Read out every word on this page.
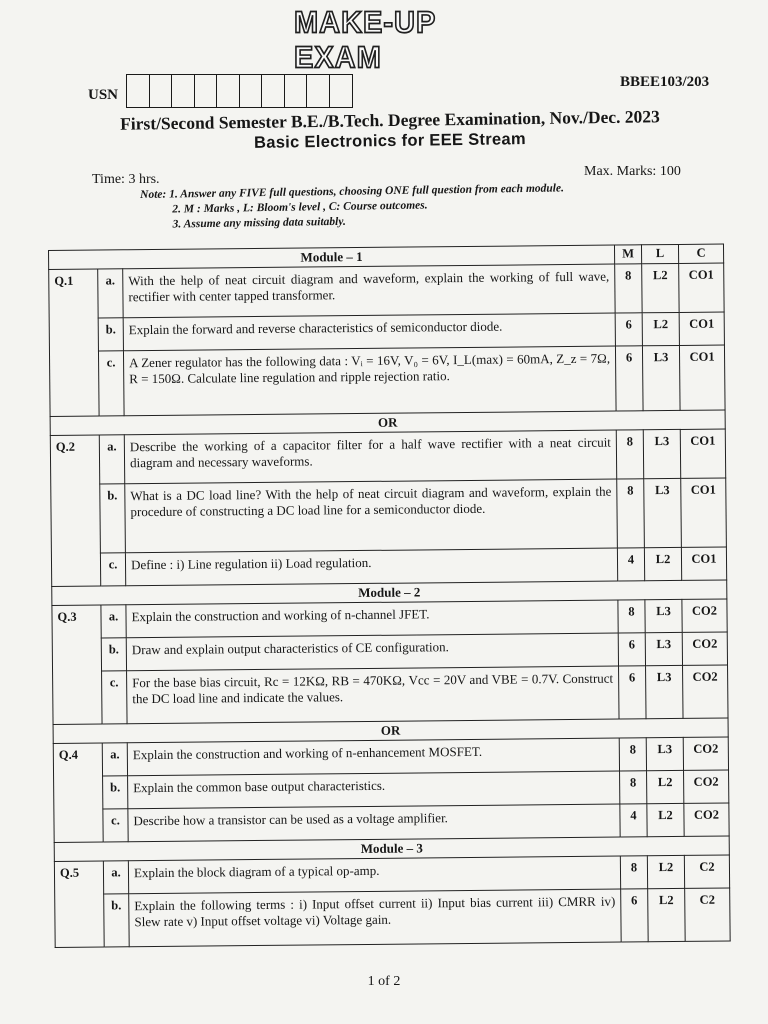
MAKE-UP EXAM
USN
BBEE103/203
First/Second Semester B.E./B.Tech. Degree Examination, Nov./Dec. 2023
Basic Electronics for EEE Stream
Time: 3 hrs.
Max. Marks: 100
Note: 1. Answer any FIVE full questions, choosing ONE full question from each module.
2. M : Marks , L: Bloom's level , C: Course outcomes.
3. Assume any missing data suitably.
Module – 1			M	L	C
Q.1	a.	With the help of neat circuit diagram and waveform, explain the working of full wave, rectifier with center tapped transformer.	8	L2	CO1
	b.	Explain the forward and reverse characteristics of semiconductor diode.	6	L2	CO1
	c.	A Zener regulator has the following data : Vᵢ = 16V, V₀ = 6V, I_L(max) = 60mA, Z_z = 7Ω, R = 150Ω. Calculate line regulation and ripple rejection ratio.	6	L3	CO1
OR					
Q.2	a.	Describe the working of a capacitor filter for a half wave rectifier with a neat circuit diagram and necessary waveforms.	8	L3	CO1
	b.	What is a DC load line? With the help of neat circuit diagram and waveform, explain the procedure of constructing a DC load line for a semiconductor diode.	8	L3	CO1
	c.	Define : i) Line regulation ii) Load regulation.	4	L2	CO1
Module – 2					
Q.3	a.	Explain the construction and working of n-channel JFET.	8	L3	CO2
	b.	Draw and explain output characteristics of CE configuration.	6	L3	CO2
	c.	For the base bias circuit, Rc = 12KΩ, RB = 470KΩ, Vcc = 20V and VBE = 0.7V. Construct the DC load line and indicate the values.	6	L3	CO2
OR					
Q.4	a.	Explain the construction and working of n-enhancement MOSFET.	8	L3	CO2
	b.	Explain the common base output characteristics.	8	L2	CO2
	c.	Describe how a transistor can be used as a voltage amplifier.	4	L2	CO2
Module – 3					
Q.5	a.	Explain the block diagram of a typical op-amp.	8	L2	C2
	b.	Explain the following terms : i) Input offset current ii) Input bias current iii) CMRR iv) Slew rate v) Input offset voltage vi) Voltage gain.	6	L2	C2
1 of 2
